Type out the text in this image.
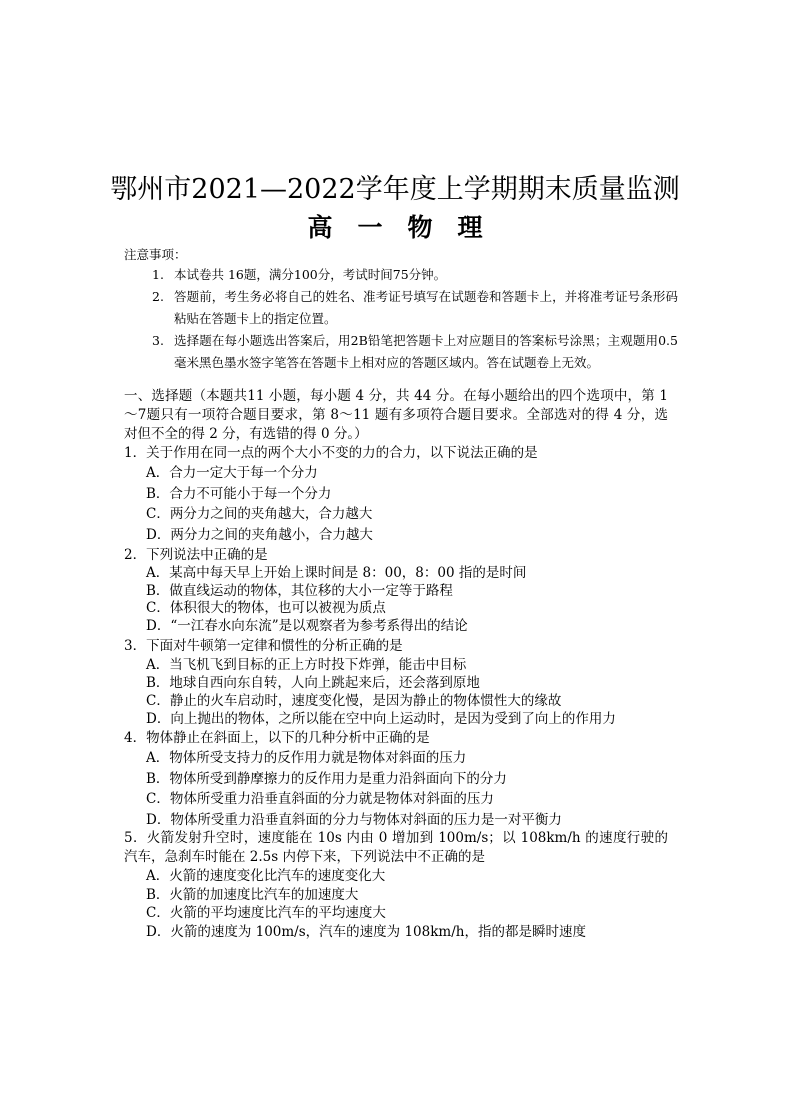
鄂州市2021—2022学年度上学期期末质量监测
高　一　物　理
注意事项：
1. 本试卷共 16题，满分100分，考试时间75分钟。
2. 答题前，考生务必将自己的姓名、准考证号填写在试题卷和答题卡上，并将准考证号条形码粘贴在答题卡上的指定位置。
3. 选择题在每小题选出答案后，用2B铅笔把答题卡上对应题目的答案标号涂黑；主观题用0.5毫米黑色墨水签字笔答在答题卡上相对应的答题区域内。答在试题卷上无效。
一、选择题（本题共11 小题，每小题 4 分，共 44 分。在每小题给出的四个选项中，第 1～7题只有一项符合题目要求，第 8～11 题有多项符合题目要求。全部选对的得 4 分，选对但不全的得 2 分，有选错的得 0 分。）
1．关于作用在同一点的两个大小不变的力的合力，以下说法正确的是
A．合力一定大于每一个分力
B．合力不可能小于每一个分力
C．两分力之间的夹角越大，合力越大
D．两分力之间的夹角越小，合力越大
2．下列说法中正确的是
A．某高中每天早上开始上课时间是 8：00，8：00 指的是时间
B．做直线运动的物体，其位移的大小一定等于路程
C．体积很大的物体，也可以被视为质点
D．“一江春水向东流”是以观察者为参考系得出的结论
3．下面对牛顿第一定律和惯性的分析正确的是
A．当飞机飞到目标的正上方时投下炸弹，能击中目标
B．地球自西向东自转，人向上跳起来后，还会落到原地
C．静止的火车启动时，速度变化慢，是因为静止的物体惯性大的缘故
D．向上抛出的物体，之所以能在空中向上运动时，是因为受到了向上的作用力
4．物体静止在斜面上，以下的几种分析中正确的是
A．物体所受支持力的反作用力就是物体对斜面的压力
B．物体所受到静摩擦力的反作用力是重力沿斜面向下的分力
C．物体所受重力沿垂直斜面的分力就是物体对斜面的压力
D．物体所受重力沿垂直斜面的分力与物体对斜面的压力是一对平衡力
5．火箭发射升空时，速度能在 10s 内由 0 增加到 100m/s；以 108km/h 的速度行驶的汽车，急刹车时能在 2.5s 内停下来，下列说法中不正确的是
A．火箭的速度变化比汽车的速度变化大
B．火箭的加速度比汽车的加速度大
C．火箭的平均速度比汽车的平均速度大
D．火箭的速度为 100m/s，汽车的速度为 108km/h，指的都是瞬时速度
